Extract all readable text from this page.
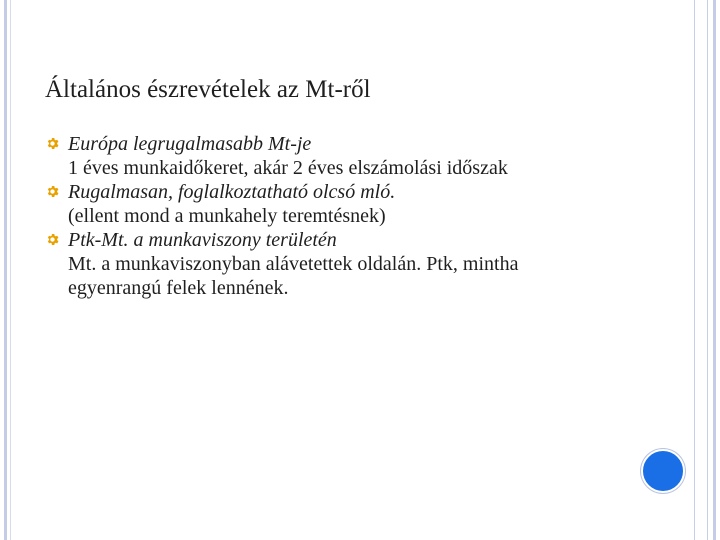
Általános észrevételek az Mt-ről
Európa legrugalmasabb Mt-je
1 éves munkaidőkeret, akár 2 éves elszámolási időszak
Rugalmasan, foglalkoztatható olcsó mló.
(ellent mond a munkahely teremtésnek)
Ptk-Mt. a munkaviszony területén
Mt. a munkaviszonyban alávetettek oldalán. Ptk, mintha
egyenrangú felek lennének.
